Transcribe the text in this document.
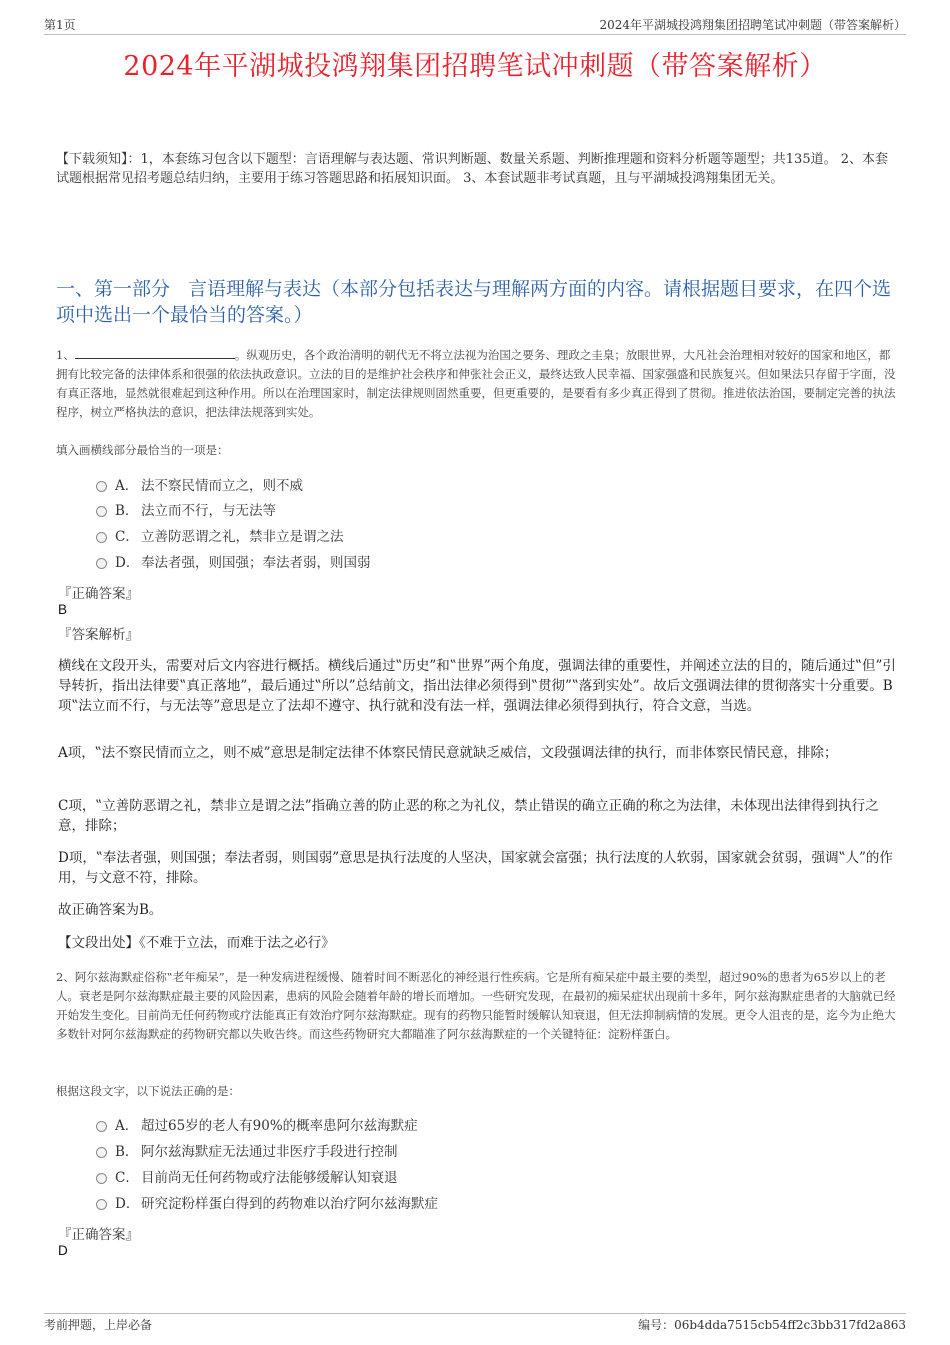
第1页	2024年平湖城投鸿翔集团招聘笔试冲刺题（带答案解析）
2024年平湖城投鸿翔集团招聘笔试冲刺题（带答案解析）
【下载须知】：1，本套练习包含以下题型：言语理解与表达题、常识判断题、数量关系题、判断推理题和资料分析题等题型；共135道。 2、本套试题根据常见招考题总结归纳，主要用于练习答题思路和拓展知识面。 3、本套试题非考试真题，且与平湖城投鸿翔集团无关。
一、第一部分 言语理解与表达（本部分包括表达与理解两方面的内容。请根据题目要求，在四个选项中选出一个最恰当的答案。）
1、	。纵观历史，各个政治清明的朝代无不将立法视为治国之要务、理政之圭臬；放眼世界，大凡社会治理相对较好的国家和地区，都拥有比较完备的法律体系和很强的依法执政意识。立法的目的是维护社会秩序和伸张社会正义，最终达致人民幸福、国家强盛和民族复兴。但如果法只存留于字面，没有真正落地，显然就很难起到这种作用。所以在治理国家时，制定法律规则固然重要，但更重要的，是要看有多少真正得到了贯彻。推进依法治国，要制定完善的执法程序，树立严格执法的意识，把法律法规落到实处。
填入画横线部分最恰当的一项是：
A． 法不察民情而立之，则不威
B． 法立而不行，与无法等
C． 立善防恶谓之礼，禁非立是谓之法
D． 奉法者强，则国强；奉法者弱，则国弱
『正确答案』
B
『答案解析』
横线在文段开头，需要对后文内容进行概括。横线后通过‟历史”和‟世界”两个角度，强调法律的重要性，并阐述立法的目的，随后通过‟但”引导转折，指出法律要‟真正落地”，最后通过‟所以”总结前文，指出法律必须得到‟贯彻”‟落到实处”。故后文强调法律的贯彻落实十分重要。B项‟法立而不行，与无法等”意思是立了法却不遵守、执行就和没有法一样，强调法律必须得到执行，符合文意，当选。
A项，‟法不察民情而立之，则不威”意思是制定法律不体察民情民意就缺乏威信，文段强调法律的执行，而非体察民情民意，排除；
C项，‟立善防恶谓之礼，禁非立是谓之法”指确立善的防止恶的称之为礼仪，禁止错误的确立正确的称之为法律，未体现出法律得到执行之意，排除；
D项，‟奉法者强，则国强；奉法者弱，则国弱”意思是执行法度的人坚决，国家就会富强；执行法度的人软弱，国家就会贫弱，强调‟人”的作用，与文意不符，排除。
故正确答案为B。
【文段出处】《不难于立法，而难于法之必行》
2、阿尔兹海默症俗称‟老年痴呆”，是一种发病进程缓慢、随着时间不断恶化的神经退行性疾病。它是所有痴呆症中最主要的类型，超过90%的患者为65岁以上的老人。衰老是阿尔兹海默症最主要的风险因素，患病的风险会随着年龄的增长而增加。一些研究发现，在最初的痴呆症状出现前十多年，阿尔兹海默症患者的大脑就已经开始发生变化。目前尚无任何药物或疗法能真正有效治疗阿尔兹海默症。现有的药物只能暂时缓解认知衰退，但无法抑制病情的发展。更令人沮丧的是，迄今为止绝大多数针对阿尔兹海默症的药物研究都以失败告终。而这些药物研究大都瞄准了阿尔兹海默症的一个关键特征：淀粉样蛋白。
根据这段文字，以下说法正确的是：
A． 超过65岁的老人有90%的概率患阿尔兹海默症
B． 阿尔兹海默症无法通过非医疗手段进行控制
C． 目前尚无任何药物或疗法能够缓解认知衰退
D． 研究淀粉样蛋白得到的药物难以治疗阿尔兹海默症
『正确答案』
D
考前押题，上岸必备	编号：06b4dda7515cb54ff2c3bb317fd2a863
